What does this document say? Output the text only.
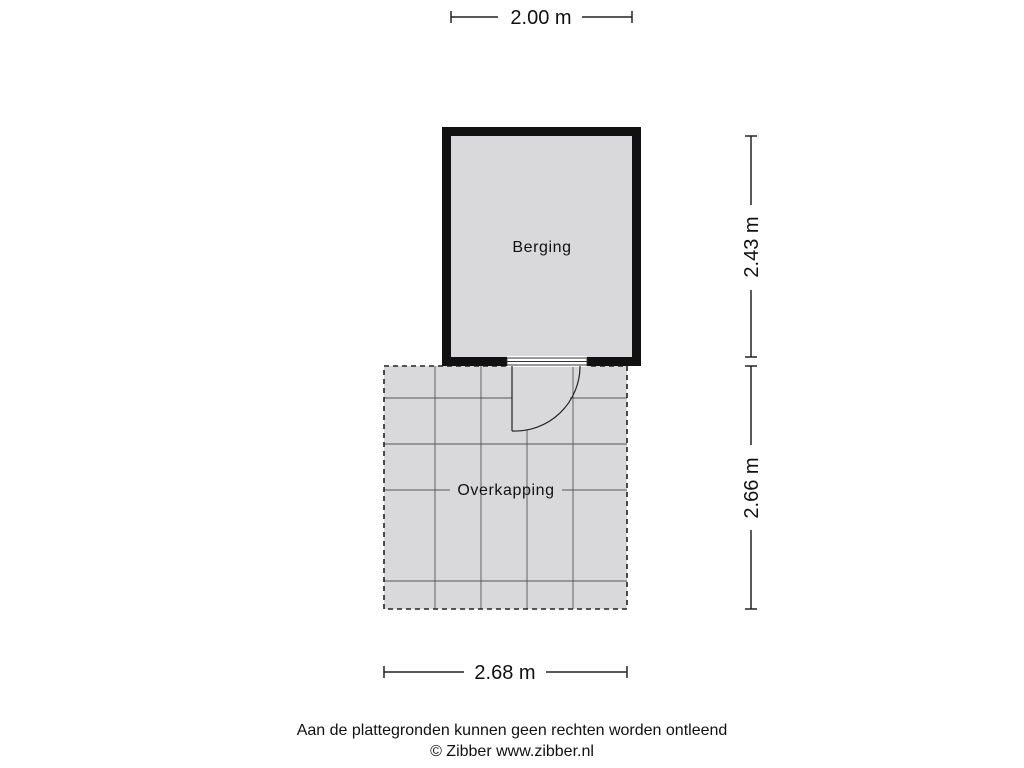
2.00 m
Berging
Overkapping
2.43 m
2.66 m
2.68 m
Aan de plattegronden kunnen geen rechten worden ontleend
© Zibber www.zibber.nl
